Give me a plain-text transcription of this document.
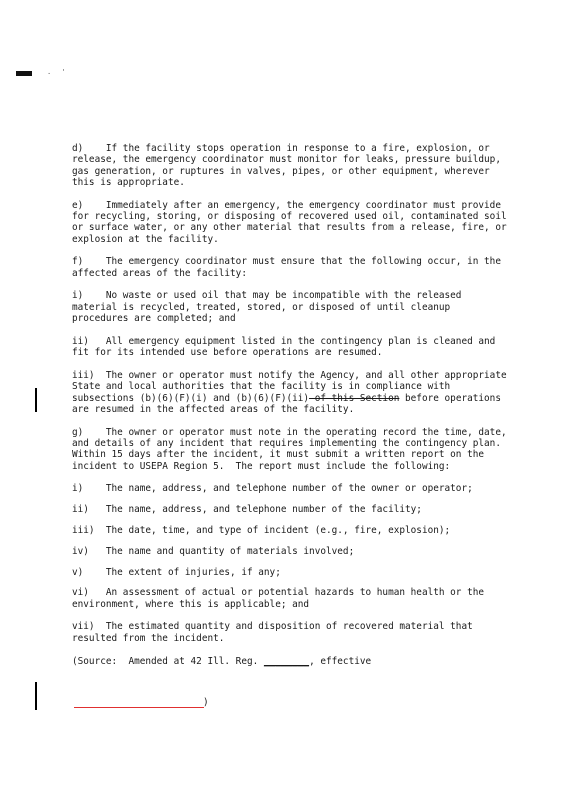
. '

d)    If the facility stops operation in response to a fire, explosion, or release, the emergency coordinator must monitor for leaks, pressure buildup, gas generation, or ruptures in valves, pipes, or other equipment, wherever this is appropriate.

e)    Immediately after an emergency, the emergency coordinator must provide for recycling, storing, or disposing of recovered used oil, contaminated soil or surface water, or any other material that results from a release, fire, or explosion at the facility.

f)    The emergency coordinator must ensure that the following occur, in the affected areas of the facility:

i)    No waste or used oil that may be incompatible with the released material is recycled, treated, stored, or disposed of until cleanup procedures are completed; and

ii)   All emergency equipment listed in the contingency plan is cleaned and fit for its intended use before operations are resumed.

iii)  The owner or operator must notify the Agency, and all other appropriate State and local authorities that the facility is in compliance with subsections (b)(6)(F)(i) and (b)(6)(F)(ii) of this Section before operations are resumed in the affected areas of the facility.

g)    The owner or operator must note in the operating record the time, date, and details of any incident that requires implementing the contingency plan.  Within 15 days after the incident, it must submit a written report on the incident to USEPA Region 5.  The report must include the following:

i)    The name, address, and telephone number of the owner or operator;

ii)   The name, address, and telephone number of the facility;

iii)  The date, time, and type of incident (e.g., fire, explosion);

iv)   The name and quantity of materials involved;

v)    The extent of injuries, if any;

vi)   An assessment of actual or potential hazards to human health or the environment, where this is applicable; and

vii)  The estimated quantity and disposition of recovered material that resulted from the incident.

(Source:  Amended at 42 Ill. Reg. ________, effective

)
